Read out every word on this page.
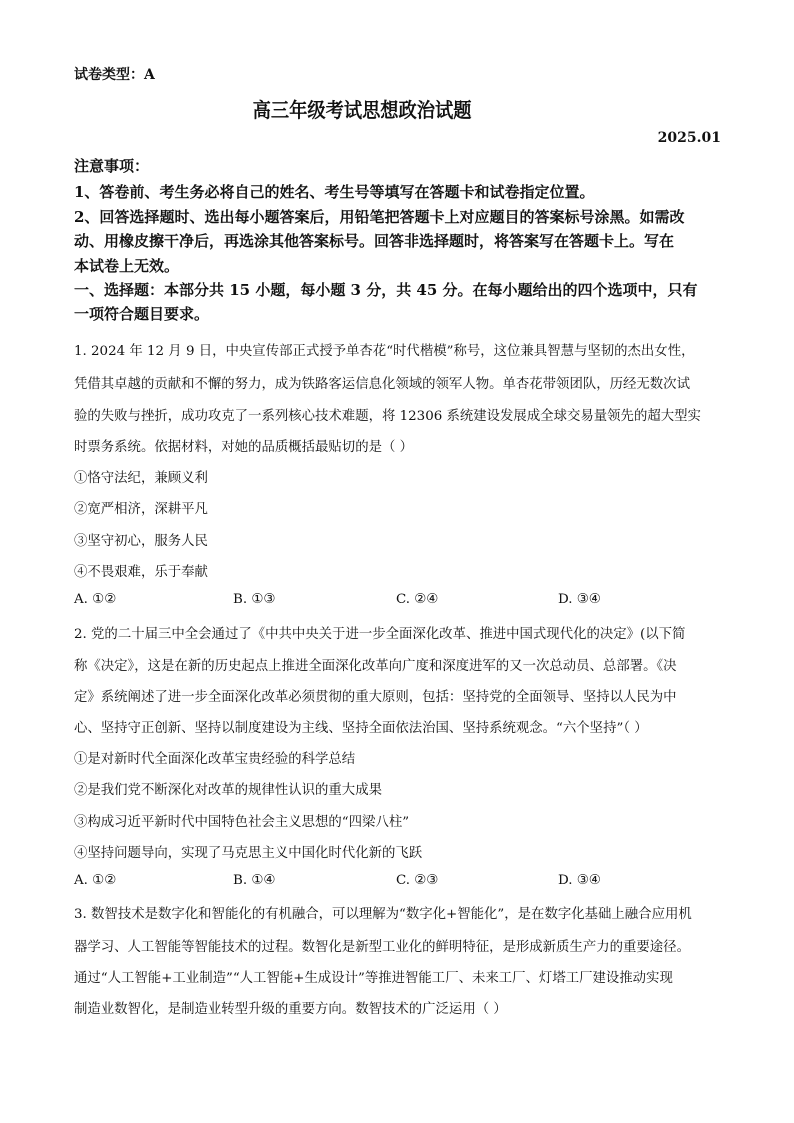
试卷类型：A
高三年级考试思想政治试题
2025.01
注意事项：
1、答卷前、考生务必将自己的姓名、考生号等填写在答题卡和试卷指定位置。
2、回答选择题时、选出每小题答案后，用铅笔把答题卡上对应题目的答案标号涂黑。如需改
动、用橡皮擦干净后，再选涂其他答案标号。回答非选择题时，将答案写在答题卡上。写在
本试卷上无效。
一、选择题：本部分共 15 小题，每小题 3 分，共 45 分。在每小题给出的四个选项中，只有
一项符合题目要求。
1. 2024 年 12 月 9 日，中央宣传部正式授予单杏花“时代楷模”称号，这位兼具智慧与坚韧的杰出女性，
凭借其卓越的贡献和不懈的努力，成为铁路客运信息化领域的领军人物。单杏花带领团队，历经无数次试
验的失败与挫折，成功攻克了一系列核心技术难题，将 12306 系统建设发展成全球交易量领先的超大型实
时票务系统。依据材料，对她的品质概括最贴切的是（ ）
①恪守法纪，兼顾义利
②宽严相济，深耕平凡
③坚守初心，服务人民
④不畏艰难，乐于奉献
A. ①②	B. ①③	C. ②④	D. ③④
2. 党的二十届三中全会通过了《中共中央关于进一步全面深化改革、推进中国式现代化的决定》(以下简
称《决定》，这是在新的历史起点上推进全面深化改革向广度和深度进军的又一次总动员、总部署。《决
定》系统阐述了进一步全面深化改革必须贯彻的重大原则，包括：坚持党的全面领导、坚持以人民为中
心、坚持守正创新、坚持以制度建设为主线、坚持全面依法治国、坚持系统观念。“六个坚持”（ ）
①是对新时代全面深化改革宝贵经验的科学总结
②是我们党不断深化对改革的规律性认识的重大成果
③构成习近平新时代中国特色社会主义思想的“四梁八柱”
④坚持问题导向，实现了马克思主义中国化时代化新的飞跃
A. ①②	B. ①④	C. ②③	D. ③④
3. 数智技术是数字化和智能化的有机融合，可以理解为“数字化+智能化”，是在数字化基础上融合应用机
器学习、人工智能等智能技术的过程。数智化是新型工业化的鲜明特征，是形成新质生产力的重要途径。
通过“人工智能+工业制造”“人工智能+生成设计”等推进智能工厂、未来工厂、灯塔工厂建设推动实现
制造业数智化，是制造业转型升级的重要方向。数智技术的广泛运用（ ）
